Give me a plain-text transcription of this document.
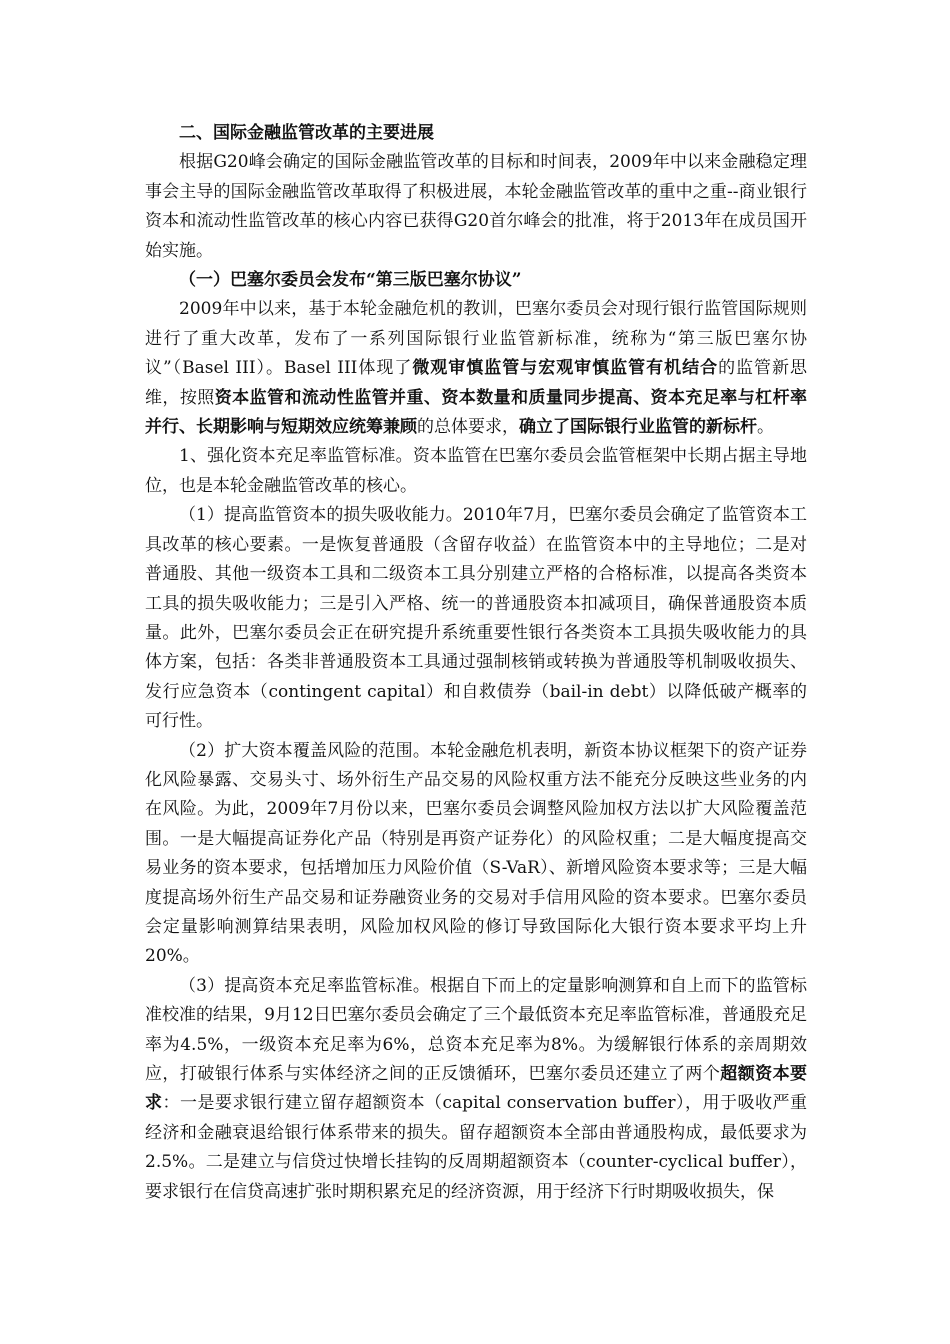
二、国际金融监管改革的主要进展

根据G20峰会确定的国际金融监管改革的目标和时间表，2009年中以来金融稳定理事会主导的国际金融监管改革取得了积极进展，本轮金融监管改革的重中之重--商业银行资本和流动性监管改革的核心内容已获得G20首尔峰会的批准，将于2013年在成员国开始实施。

（一）巴塞尔委员会发布“第三版巴塞尔协议”

2009年中以来，基于本轮金融危机的教训，巴塞尔委员会对现行银行监管国际规则进行了重大改革，发布了一系列国际银行业监管新标准，统称为“第三版巴塞尔协议”（Basel III）。Basel III体现了微观审慎监管与宏观审慎监管有机结合的监管新思维，按照资本监管和流动性监管并重、资本数量和质量同步提高、资本充足率与杠杆率并行、长期影响与短期效应统筹兼顾的总体要求，确立了国际银行业监管的新标杆。

1、强化资本充足率监管标准。资本监管在巴塞尔委员会监管框架中长期占据主导地位，也是本轮金融监管改革的核心。

（1）提高监管资本的损失吸收能力。2010年7月，巴塞尔委员会确定了监管资本工具改革的核心要素。一是恢复普通股（含留存收益）在监管资本中的主导地位；二是对普通股、其他一级资本工具和二级资本工具分别建立严格的合格标准，以提高各类资本工具的损失吸收能力；三是引入严格、统一的普通股资本扣减项目，确保普通股资本质量。此外，巴塞尔委员会正在研究提升系统重要性银行各类资本工具损失吸收能力的具体方案，包括：各类非普通股资本工具通过强制核销或转换为普通股等机制吸收损失、发行应急资本（contingent capital）和自救债券（bail-in debt）以降低破产概率的可行性。

（2）扩大资本覆盖风险的范围。本轮金融危机表明，新资本协议框架下的资产证券化风险暴露、交易头寸、场外衍生产品交易的风险权重方法不能充分反映这些业务的内在风险。为此，2009年7月份以来，巴塞尔委员会调整风险加权方法以扩大风险覆盖范围。一是大幅提高证券化产品（特别是再资产证券化）的风险权重；二是大幅度提高交易业务的资本要求，包括增加压力风险价值（S-VaR）、新增风险资本要求等；三是大幅度提高场外衍生产品交易和证券融资业务的交易对手信用风险的资本要求。巴塞尔委员会定量影响测算结果表明，风险加权风险的修订导致国际化大银行资本要求平均上升20%。

（3）提高资本充足率监管标准。根据自下而上的定量影响测算和自上而下的监管标准校准的结果，9月12日巴塞尔委员会确定了三个最低资本充足率监管标准，普通股充足率为4.5%，一级资本充足率为6%，总资本充足率为8%。为缓解银行体系的亲周期效应，打破银行体系与实体经济之间的正反馈循环，巴塞尔委员还建立了两个超额资本要求：一是要求银行建立留存超额资本（capital conservation buffer），用于吸收严重经济和金融衰退给银行体系带来的损失。留存超额资本全部由普通股构成，最低要求为2.5%。二是建立与信贷过快增长挂钩的反周期超额资本（counter-cyclical buffer），要求银行在信贷高速扩张时期积累充足的经济资源，用于经济下行时期吸收损失，保
